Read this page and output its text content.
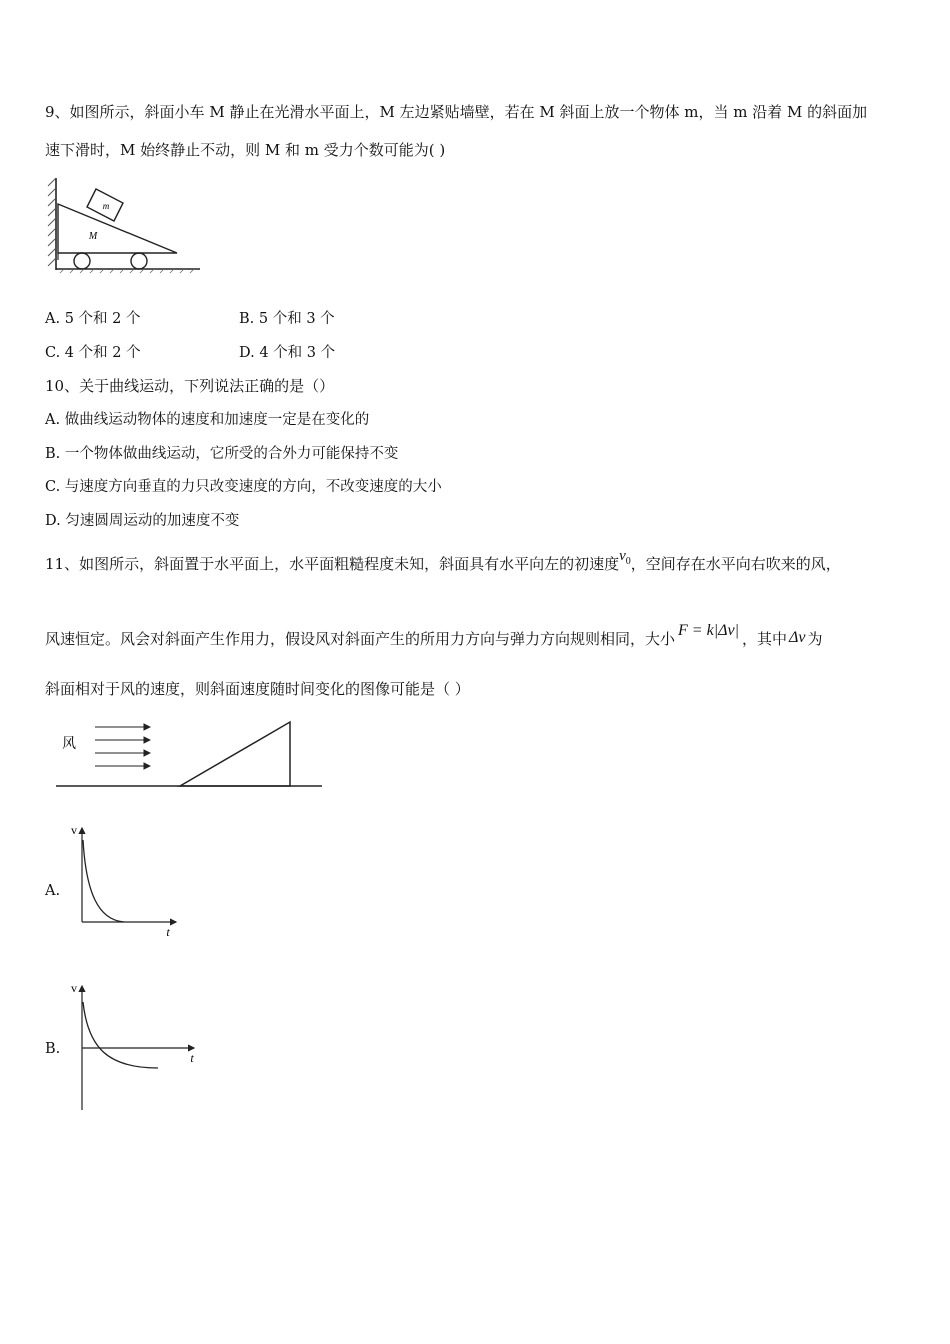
9、如图所示，斜面小车 M 静止在光滑水平面上，M 左边紧贴墙壁，若在 M 斜面上放一个物体 m，当 m 沿着 M 的斜面加
速下滑时，M 始终静止不动，则 M 和 m 受力个数可能为( )
m
M
A. 5 个和 2 个	B. 5 个和 3 个
C. 4 个和 2 个	D. 4 个和 3 个
10、关于曲线运动，下列说法正确的是（）
A. 做曲线运动物体的速度和加速度一定是在变化的
B. 一个物体做曲线运动，它所受的合外力可能保持不变
C. 与速度方向垂直的力只改变速度的方向，不改变速度的大小
D. 匀速圆周运动的加速度不变
11、如图所示，斜面置于水平面上，水平面粗糙程度未知，斜面具有水平向左的初速度$v_0$，空间存在水平向右吹来的风，
风速恒定。风会对斜面产生作用力，假设风对斜面产生的所用力方向与弹力方向规则相同，大小 F = k|Δv| ，其中 Δv 为
斜面相对于风的速度，则斜面速度随时间变化的图像可能是（ ）
风
A.
v
t
B.
v
t
